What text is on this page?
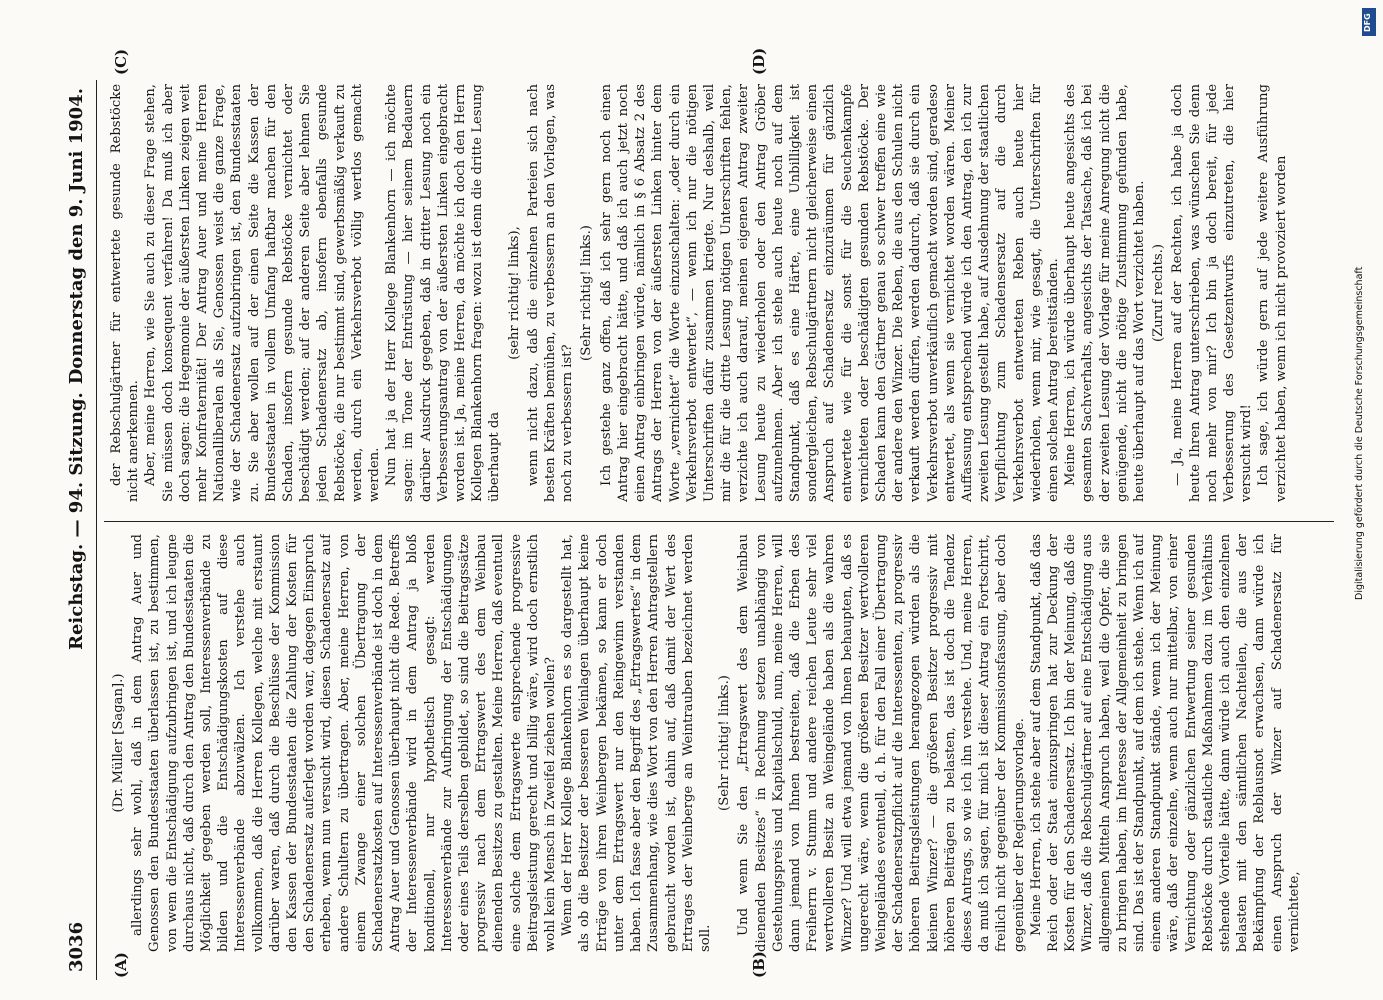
3036
Reichstag. — 94. Sitzung.
Donnerstag den 9. Juni 1904.
(A)	(B)
(C)	(D)

(Dr. Müller [Sagan].) allerdings sehr wohl, daß in dem Antrag Auer und Genossen den Bundesstaaten überlassen ist, zu bestimmen, von wem die Entschädigung aufzubringen ist, und ich leugne durchaus nicht, daß durch den Antrag den Bundesstaaten die Möglichkeit gegeben werden soll, Interessenverbände zu bilden und die Entschädigungskosten auf diese Interessenverbände abzuwälzen. Ich verstehe auch vollkommen, daß die Herren Kollegen, welche mit erstaunt darüber waren, daß durch die Beschlüsse der Kommission den Kassen der Bundesstaaten die Zahlung der Kosten für den Schadenersatz auferlegt worden war, dagegen Einspruch erheben, wenn nun versucht wird, diesen Schadenersatz auf andere Schultern zu übertragen. Aber, meine Herren, von einem Zwange einer solchen Übertragung der Schadenersatzkosten auf Interessenverbände ist doch in dem Antrag Auer und Genossen überhaupt nicht die Rede. Betreffs der Interessenverbände wird in dem Antrag ja bloß konditionell, nur hypothetisch gesagt: werden Interessenverbände zur Aufbringung der Entschädigungen oder eines Teils derselben gebildet, so sind die Beitragssätze progressiv nach dem Ertragswert des dem Weinbau dienenden Besitzes zu gestalten. Meine Herren, daß eventuell eine solche dem Ertragswerte entsprechende progressive Beitragsleistung gerecht und billig wäre, wird doch ernstlich wohl kein Mensch in Zweifel ziehen wollen? Wenn der Herr Kollege Blankenhorn es so dargestellt hat, als ob die Besitzer der besseren Weinlagen überhaupt keine Erträge von ihren Weinbergen bekämen, so kann er doch unter dem Ertragswert nur den Reingewinn verstanden haben. Ich fasse aber den Begriff des „Ertragswertes“ in dem Zusammenhang, wie dies Wort von den Herren Antragstellern gebraucht worden ist, dahin auf, daß damit der Wert des Ertrages der Weinberge an Weintrauben bezeichnet werden soll.

(Sehr richtig! links.) Und wenn Sie den „Ertragswert des dem Weinbau dienenden Besitzes“ in Rechnung setzen unabhängig von Gestehungspreis und Kapitalschuld, nun, meine Herren, will dann jemand von Ihnen bestreiten, daß die Erben des Freiherrn v. Stumm und andere reichen Leute sehr viel wertvolleren Besitz an Weingelände haben als die wahren Winzer? Und will etwa jemand von Ihnen behaupten, daß es ungerecht wäre, wenn die größeren Besitzer wertvolleren Weingeländes eventuell, d. h. für den Fall einer Übertragung der Schadenersatzpflicht auf die Interessenten, zu progressiv höheren Beitragsleistungen herangezogen würden als die kleinen Winzer? — die größeren Besitzer progressiv mit höheren Beiträgen zu belasten, das ist doch die Tendenz dieses Antrags, so wie ich ihn verstehe. Und, meine Herren, da muß ich sagen, für mich ist dieser Antrag ein Fortschritt, freilich nicht gegenüber der Kommissionsfassung, aber doch gegenüber der Regierungsvorlage. Meine Herren, ich stehe aber auf dem Standpunkt, daß das Reich oder der Staat einzuspringen hat zur Deckung der Kosten für den Schadenersatz. Ich bin der Meinung, daß die Winzer, daß die Rebschulgärtner auf eine Entschädigung aus allgemeinen Mitteln Anspruch haben, weil die Opfer, die sie zu bringen haben, im Interesse der Allgemeinheit zu bringen sind. Das ist der Standpunkt, auf dem ich stehe. Wenn ich auf einem anderen Standpunkt stände, wenn ich der Meinung wäre, daß der einzelne, wenn auch nur mittelbar, von einer Vernichtung oder gänzlichen Entwertung seiner gesunden Rebstöcke durch staatliche Maßnahmen dazu im Verhältnis stehende Vorteile hätte, dann würde ich auch den einzelnen belasten mit den sämtlichen Nachteilen, die aus der Bekämpfung der Reblausnot erwachsen, dann würde ich einen Anspruch der Winzer auf Schadenersatz für vernichtete,

der Rebschulgärtner für entwertete gesunde Rebstöcke nicht anerkennen. Aber, meine Herren, wie Sie auch zu dieser Frage stehen, Sie müssen doch konsequent verfahren! Da muß ich aber doch sagen: die Hegemonie der äußersten Linken zeigen weit mehr Konfraternität! Der Antrag Auer und meine Herren Nationalliberalen als Sie, Genossen weist die ganze Frage, wie der Schadenersatz aufzubringen ist, den Bundesstaaten zu. Sie aber wollen auf der einen Seite die Kassen der Bundesstaaten in vollem Umfang haftbar machen für den Schaden, insofern gesunde Rebstöcke vernichtet oder beschädigt werden; auf der anderen Seite aber lehnen Sie jeden Schadenersatz ab, insofern ebenfalls gesunde Rebstöcke, die nur bestimmt sind, gewerbsmäßig verkauft zu werden, durch ein Verkehrsverbot völlig wertlos gemacht werden. Nun hat ja der Herr Kollege Blankenhorn — ich möchte sagen: im Tone der Entrüstung — hier seinem Bedauern darüber Ausdruck gegeben, daß in dritter Lesung noch ein Verbesserungsantrag von der äußersten Linken eingebracht worden ist. Ja, meine Herren, da möchte ich doch den Herrn Kollegen Blankenhorn fragen: wozu ist denn die dritte Lesung überhaupt da

(sehr richtig! links), wenn nicht dazu, daß die einzelnen Parteien sich nach besten Kräften bemühen, zu verbessern an den Vorlagen, was noch zu verbessern ist?

(Sehr richtig! links.) Ich gestehe ganz offen, daß ich sehr gern noch einen Antrag hier eingebracht hätte, und daß ich auch jetzt noch einen Antrag einbringen würde, nämlich in § 6 Absatz 2 des Antrags der Herren von der äußersten Linken hinter dem Worte „vernichtet“ die Worte einzuschalten: „oder durch ein Verkehrsverbot entwertet“, — wenn ich nur die nötigen Unterschriften dafür zusammen kriegte. Nur deshalb, weil mir die für die dritte Lesung nötigen Unterschriften fehlen, verzichte ich auch darauf, meinen eigenen Antrag zweiter Lesung heute zu wiederholen oder den Antrag Gröber aufzunehmen. Aber ich stehe auch heute noch auf dem Standpunkt, daß es eine Härte, eine Unbilligkeit ist sondergleichen, Rebschulgärtnern nicht gleicherweise einen Anspruch auf Schadenersatz einzuräumen für gänzlich entwertete wie für die sonst für die Seuchenkampfe vernichteten oder beschädigten gesunden Rebstöcke. Der Schaden kann den Gärtner genau so schwer treffen eine wie der andere den Winzer. Die Reben, die aus den Schulen nicht verkauft werden dürfen, werden dadurch, daß sie durch ein Verkehrsverbot unverkäuflich gemacht worden sind, geradeso entwertet, als wenn sie vernichtet worden wären. Meiner Auffassung entsprechend würde ich den Antrag, den ich zur zweiten Lesung gestellt habe, auf Ausdehnung der staatlichen Verpflichtung zum Schadensersatz auf die durch Verkehrsverbot entwerteten Reben auch heute hier wiederholen, wenn mir, wie gesagt, die Unterschriften für einen solchen Antrag bereitständen. Meine Herren, ich würde überhaupt heute angesichts des gesamten Sachverhalts, angesichts der Tatsache, daß ich bei der zweiten Lesung der Vorlage für meine Anregung nicht die genügende, nicht die nötige Zustimmung gefunden habe, heute überhaupt auf das Wort verzichtet haben. (Zuruf rechts.) — Ja, meine Herren auf der Rechten, ich habe ja doch heute Ihren Antrag unterschrieben, was wünschen Sie denn noch mehr von mir? Ich bin ja doch bereit, für jede Verbesserung des Gesetzentwurfs einzutreten, die hier versucht wird! Ich sage, ich würde gern auf jede weitere Ausführung verzichtet haben, wenn ich nicht provoziert worden	Digitalisierung gefördert durch die Deutsche Forschungsgemeinschaft
DFG
